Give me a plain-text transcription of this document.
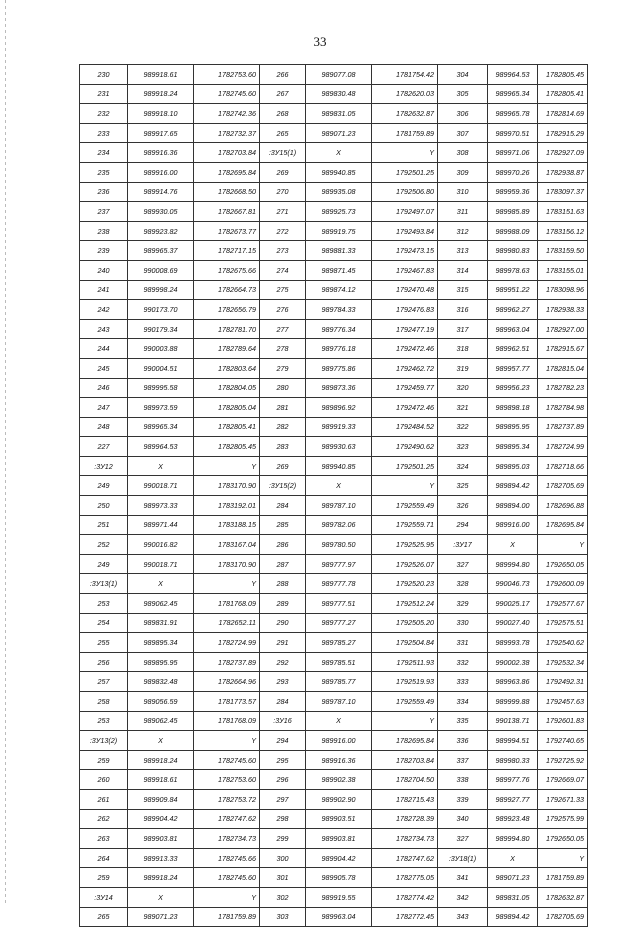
33
230	989918.61	1782753.60	266	989077.08	1781754.42	304	989964.53	1782805.45
231	989918.24	1782745.60	267	989830.48	1782620.03	305	989965.34	1782805.41
232	989918.10	1782742.36	268	989831.05	1782632.87	306	989965.78	1782814.69
233	989917.65	1782732.37	265	989071.23	1781759.89	307	989970.51	1782915.29
234	989916.36	1782703.84	:3У15(1)	X	Y	308	989971.06	1782927.09
235	989916.00	1782695.84	269	989940.85	1792501.25	309	989970.26	1782938.87
236	989914.76	1782668.50	270	989935.08	1792506.80	310	989959.36	1783097.37
237	989930.05	1782667.81	271	989925.73	1792497.07	311	989985.89	1783151.63
238	989923.82	1782673.77	272	989919.75	1792493.84	312	989988.09	1783156.12
239	989965.37	1782717.15	273	989881.33	1792473.15	313	989980.83	1783159.50
240	990008.69	1782675.66	274	989871.45	1792467.83	314	989978.63	1783155.01
241	989998.24	1782664.73	275	989874.12	1792470.48	315	989951.22	1783098.96
242	990173.70	1782656.79	276	989784.33	1792476.83	316	989962.27	1782938.33
243	990179.34	1782781.70	277	989776.34	1792477.19	317	989963.04	1782927.00
244	990003.88	1782789.64	278	989776.18	1792472.46	318	989962.51	1782915.67
245	990004.51	1782803.64	279	989775.86	1792462.72	319	989957.77	1782815.04
246	989995.58	1782804.05	280	989873.36	1792459.77	320	989956.23	1782782.23
247	989973.59	1782805.04	281	989896.92	1792472.46	321	989898.18	1782784.98
248	989965.34	1782805.41	282	989919.33	1792484.52	322	989895.95	1782737.89
227	989964.53	1782805.45	283	989930.63	1792490.62	323	989895.34	1782724.99
:3У12	X	Y	269	989940.85	1792501.25	324	989895.03	1782718.66
249	990018.71	1783170.90	:3У15(2)	X	Y	325	989894.42	1782705.69
250	989973.33	1783192.01	284	989787.10	1792559.49	326	989894.00	1782696.88
251	989971.44	1783188.15	285	989782.06	1792559.71	294	989916.00	1782695.84
252	990016.82	1783167.04	286	989780.50	1792525.95	:3У17	X	Y
249	990018.71	1783170.90	287	989777.97	1792526.07	327	989994.80	1792650.05
:3У13(1)	X	Y	288	989777.78	1792520.23	328	990046.73	1792600.09
253	989062.45	1781768.09	289	989777.51	1792512.24	329	990025.17	1792577.67
254	989831.91	1782652.11	290	989777.27	1792505.20	330	990027.40	1792575.51
255	989895.34	1782724.99	291	989785.27	1792504.84	331	989993.78	1792540.62
256	989895.95	1782737.89	292	989785.51	1792511.93	332	990002.38	1792532.34
257	989832.48	1782664.96	293	989785.77	1792519.93	333	989963.86	1792492.31
258	989056.59	1781773.57	284	989787.10	1792559.49	334	989999.88	1792457.63
253	989062.45	1781768.09	:3У16	X	Y	335	990138.71	1792601.83
:3У13(2)	X	Y	294	989916.00	1782695.84	336	989994.51	1792740.65
259	989918.24	1782745.60	295	989916.36	1782703.84	337	989980.33	1792725.92
260	989918.61	1782753.60	296	989902.38	1782704.50	338	989977.76	1792669.07
261	989909.84	1782753.72	297	989902.90	1782715.43	339	989927.77	1792671.33
262	989904.42	1782747.62	298	989903.51	1782728.39	340	989923.48	1792575.99
263	989903.81	1782734.73	299	989903.81	1782734.73	327	989994.80	1792650.05
264	989913.33	1782745.66	300	989904.42	1782747.62	:3У18(1)	X	Y
259	989918.24	1782745.60	301	989905.78	1782775.05	341	989071.23	1781759.89
:3У14	X	Y	302	989919.55	1782774.42	342	989831.05	1782632.87
265	989071.23	1781759.89	303	989963.04	1782772.45	343	989894.42	1782705.69
